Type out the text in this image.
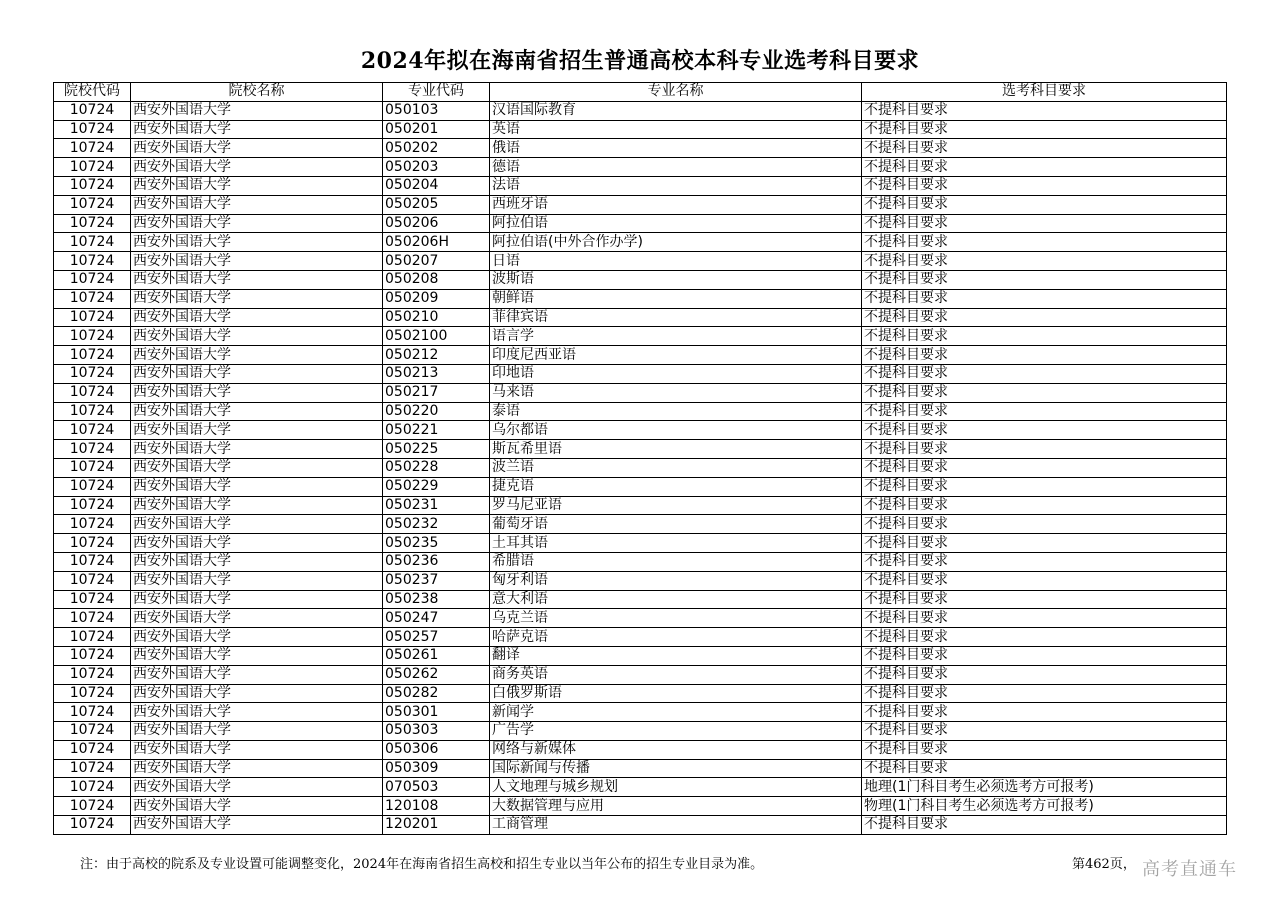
2024年拟在海南省招生普通高校本科专业选考科目要求
院校代码	院校名称	专业代码	专业名称	选考科目要求
10724	西安外国语大学	050103	汉语国际教育	不提科目要求
10724	西安外国语大学	050201	英语	不提科目要求
10724	西安外国语大学	050202	俄语	不提科目要求
10724	西安外国语大学	050203	德语	不提科目要求
10724	西安外国语大学	050204	法语	不提科目要求
10724	西安外国语大学	050205	西班牙语	不提科目要求
10724	西安外国语大学	050206	阿拉伯语	不提科目要求
10724	西安外国语大学	050206H	阿拉伯语(中外合作办学)	不提科目要求
10724	西安外国语大学	050207	日语	不提科目要求
10724	西安外国语大学	050208	波斯语	不提科目要求
10724	西安外国语大学	050209	朝鲜语	不提科目要求
10724	西安外国语大学	050210	菲律宾语	不提科目要求
10724	西安外国语大学	0502100	语言学	不提科目要求
10724	西安外国语大学	050212	印度尼西亚语	不提科目要求
10724	西安外国语大学	050213	印地语	不提科目要求
10724	西安外国语大学	050217	马来语	不提科目要求
10724	西安外国语大学	050220	泰语	不提科目要求
10724	西安外国语大学	050221	乌尔都语	不提科目要求
10724	西安外国语大学	050225	斯瓦希里语	不提科目要求
10724	西安外国语大学	050228	波兰语	不提科目要求
10724	西安外国语大学	050229	捷克语	不提科目要求
10724	西安外国语大学	050231	罗马尼亚语	不提科目要求
10724	西安外国语大学	050232	葡萄牙语	不提科目要求
10724	西安外国语大学	050235	土耳其语	不提科目要求
10724	西安外国语大学	050236	希腊语	不提科目要求
10724	西安外国语大学	050237	匈牙利语	不提科目要求
10724	西安外国语大学	050238	意大利语	不提科目要求
10724	西安外国语大学	050247	乌克兰语	不提科目要求
10724	西安外国语大学	050257	哈萨克语	不提科目要求
10724	西安外国语大学	050261	翻译	不提科目要求
10724	西安外国语大学	050262	商务英语	不提科目要求
10724	西安外国语大学	050282	白俄罗斯语	不提科目要求
10724	西安外国语大学	050301	新闻学	不提科目要求
10724	西安外国语大学	050303	广告学	不提科目要求
10724	西安外国语大学	050306	网络与新媒体	不提科目要求
10724	西安外国语大学	050309	国际新闻与传播	不提科目要求
10724	西安外国语大学	070503	人文地理与城乡规划	地理(1门科目考生必须选考方可报考)
10724	西安外国语大学	120108	大数据管理与应用	物理(1门科目考生必须选考方可报考)
10724	西安外国语大学	120201	工商管理	不提科目要求
注：由于高校的院系及专业设置可能调整变化，2024年在海南省招生高校和招生专业以当年公布的招生专业目录为准。	第462页， 高考直通车
